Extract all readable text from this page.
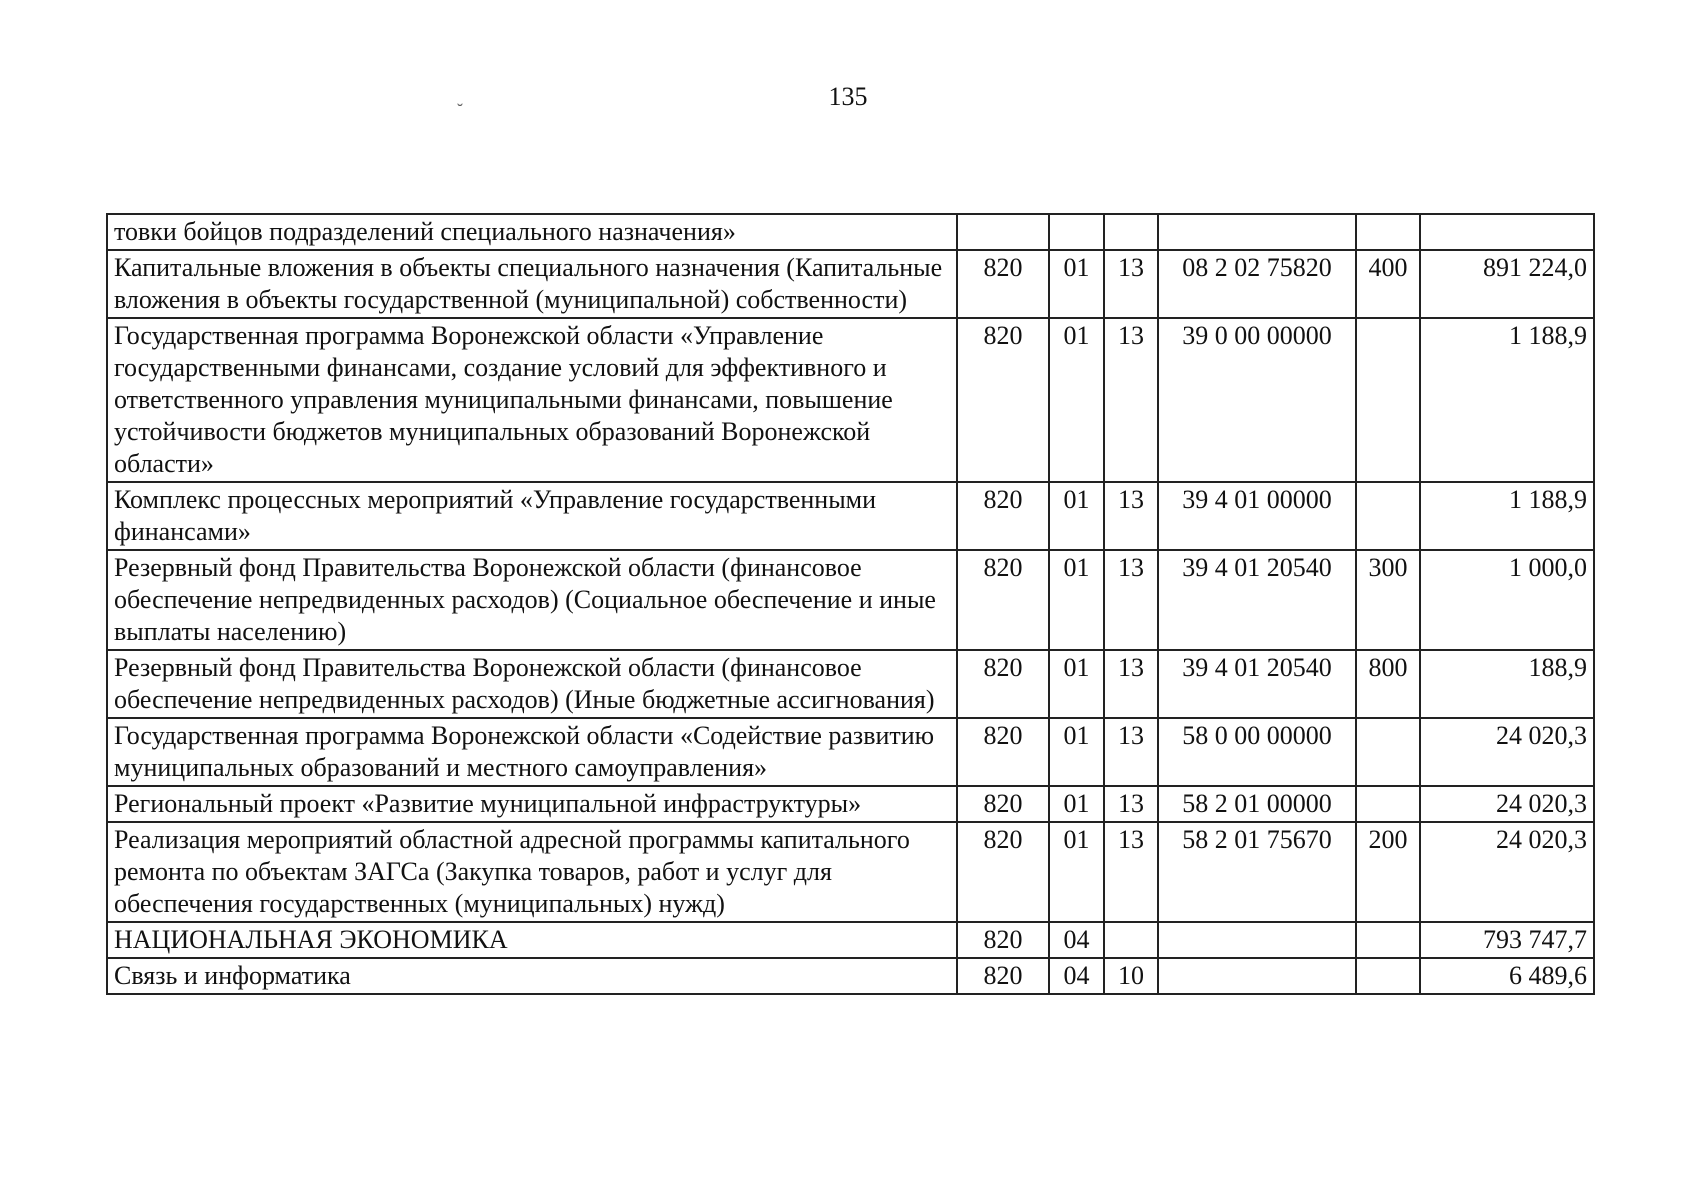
135
˘
товки бойцов подразделений специального назначения»						
Капитальные вложения в объекты специального назначения (Капитальные вложения в объекты государственной (муниципальной) собственности)	820	01	13	08 2 02 75820	400	891 224,0
Государственная программа Воронежской области «Управление государственными финансами, создание условий для эффективного и ответственного управления муниципальными финансами, повышение устойчивости бюджетов муниципальных образований Воронежской области»	820	01	13	39 0 00 00000		1 188,9
Комплекс процессных мероприятий «Управление государственными финансами»	820	01	13	39 4 01 00000		1 188,9
Резервный фонд Правительства Воронежской области (финансовое обеспечение непредвиденных расходов) (Социальное обеспечение и иные выплаты населению)	820	01	13	39 4 01 20540	300	1 000,0
Резервный фонд Правительства Воронежской области (финансовое обеспечение непредвиденных расходов) (Иные бюджетные ассигнования)	820	01	13	39 4 01 20540	800	188,9
Государственная программа Воронежской области «Содействие развитию муниципальных образований и местного самоуправления»	820	01	13	58 0 00 00000		24 020,3
Региональный проект «Развитие муниципальной инфраструктуры»	820	01	13	58 2 01 00000		24 020,3
Реализация мероприятий областной адресной программы капитального ремонта по объектам ЗАГСа (Закупка товаров, работ и услуг для обеспечения государственных (муниципальных) нужд)	820	01	13	58 2 01 75670	200	24 020,3
НАЦИОНАЛЬНАЯ ЭКОНОМИКА	820	04				793 747,7
Связь и информатика	820	04	10			6 489,6
